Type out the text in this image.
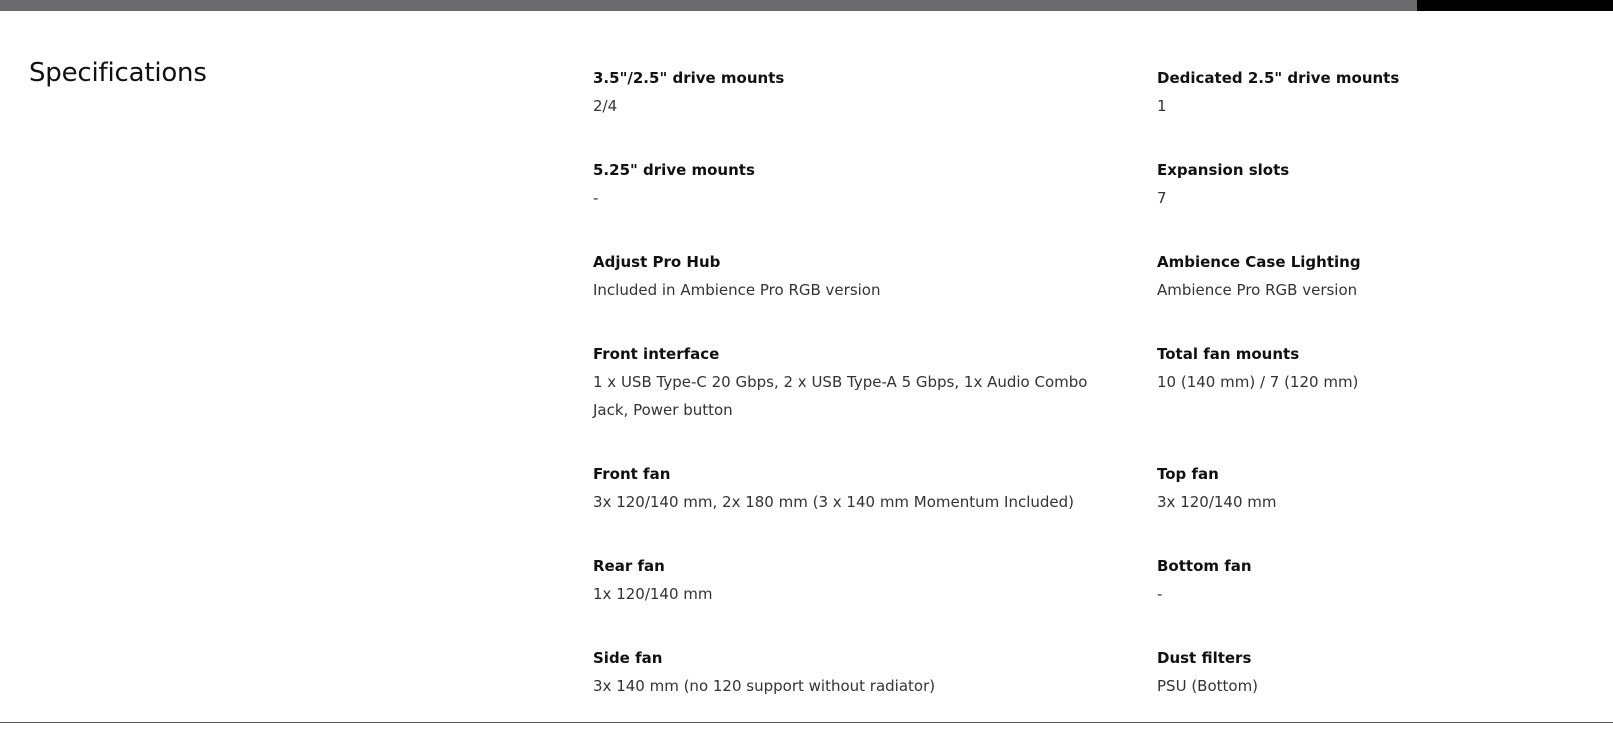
Specifications	3.5"/2.5" drive mounts
2/4
Dedicated 2.5" drive mounts
1
5.25" drive mounts
-
Expansion slots
7
Adjust Pro Hub
Included in Ambience Pro RGB version
Ambience Case Lighting
Ambience Pro RGB version
Front interface
1 x USB Type-C 20 Gbps, 2 x USB Type-A 5 Gbps, 1x Audio Combo Jack, Power button
Total fan mounts
10 (140 mm) / 7 (120 mm)
Front fan
3x 120/140 mm, 2x 180 mm (3 x 140 mm Momentum Included)
Top fan
3x 120/140 mm
Rear fan
1x 120/140 mm
Bottom fan
-
Side fan
3x 140 mm (no 120 support without radiator)
Dust filters
PSU (Bottom)
